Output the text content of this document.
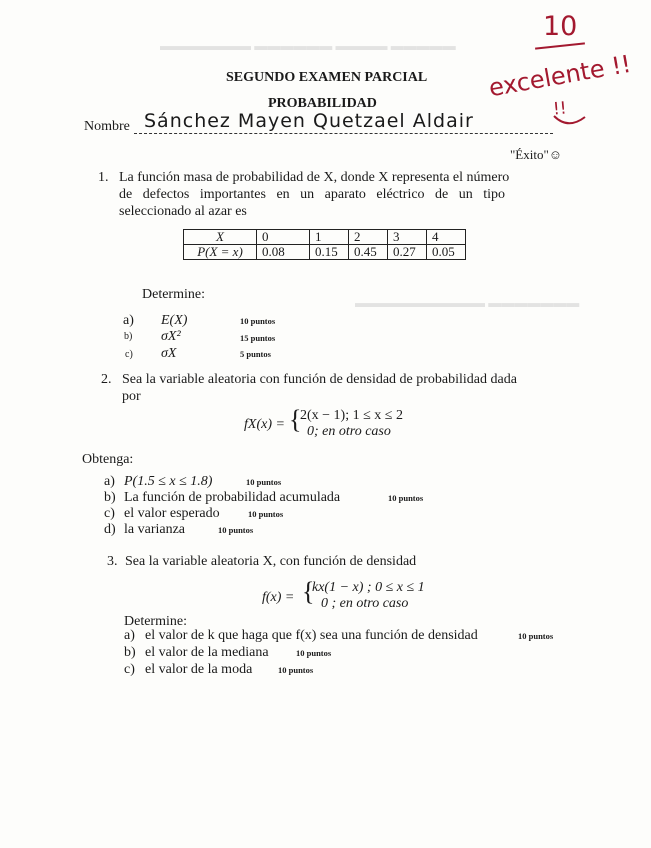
▬▬▬▬▬ ▬▬▬▬ ▬▬▬▬▬▬ ▬▬▬▬▬▬▬
▬▬▬▬▬▬▬ ▬▬▬▬▬▬▬▬▬▬
SEGUNDO EXAMEN PARCIAL
PROBABILIDAD
Nombre Sánchez Mayen Quetzael Aldair
"Éxito"☺
10
excelente !!
!!
1. La función masa de probabilidad de X, donde X representa el número
de defectos importantes en un aparato eléctrico de un tipo
seleccionado al azar es
X	0	1	2	3	4
P(X = x)	0.08	0.15	0.45	0.27	0.05
Determine:
a) E(X)	10 puntos
b) σX²	15 puntos
c) σX	5 puntos
2. Sea la variable aleatoria con función de densidad de probabilidad dada
por
fX(x) = {
2(x − 1); 1 ≤ x ≤ 2
0; en otro caso
Obtenga:
a) P(1.5 ≤ x ≤ 1.8)	10 puntos
b) La función de probabilidad acumulada	10 puntos
c) el valor esperado	10 puntos
d) la varianza	10 puntos
3. Sea la variable aleatoria X, con función de densidad
f(x) = {
kx(1 − x) ; 0 ≤ x ≤ 1
0 ; en otro caso
Determine:
a) el valor de k que haga que f(x) sea una función de densidad	10 puntos
b) el valor de la mediana	10 puntos
c) el valor de la moda	10 puntos
